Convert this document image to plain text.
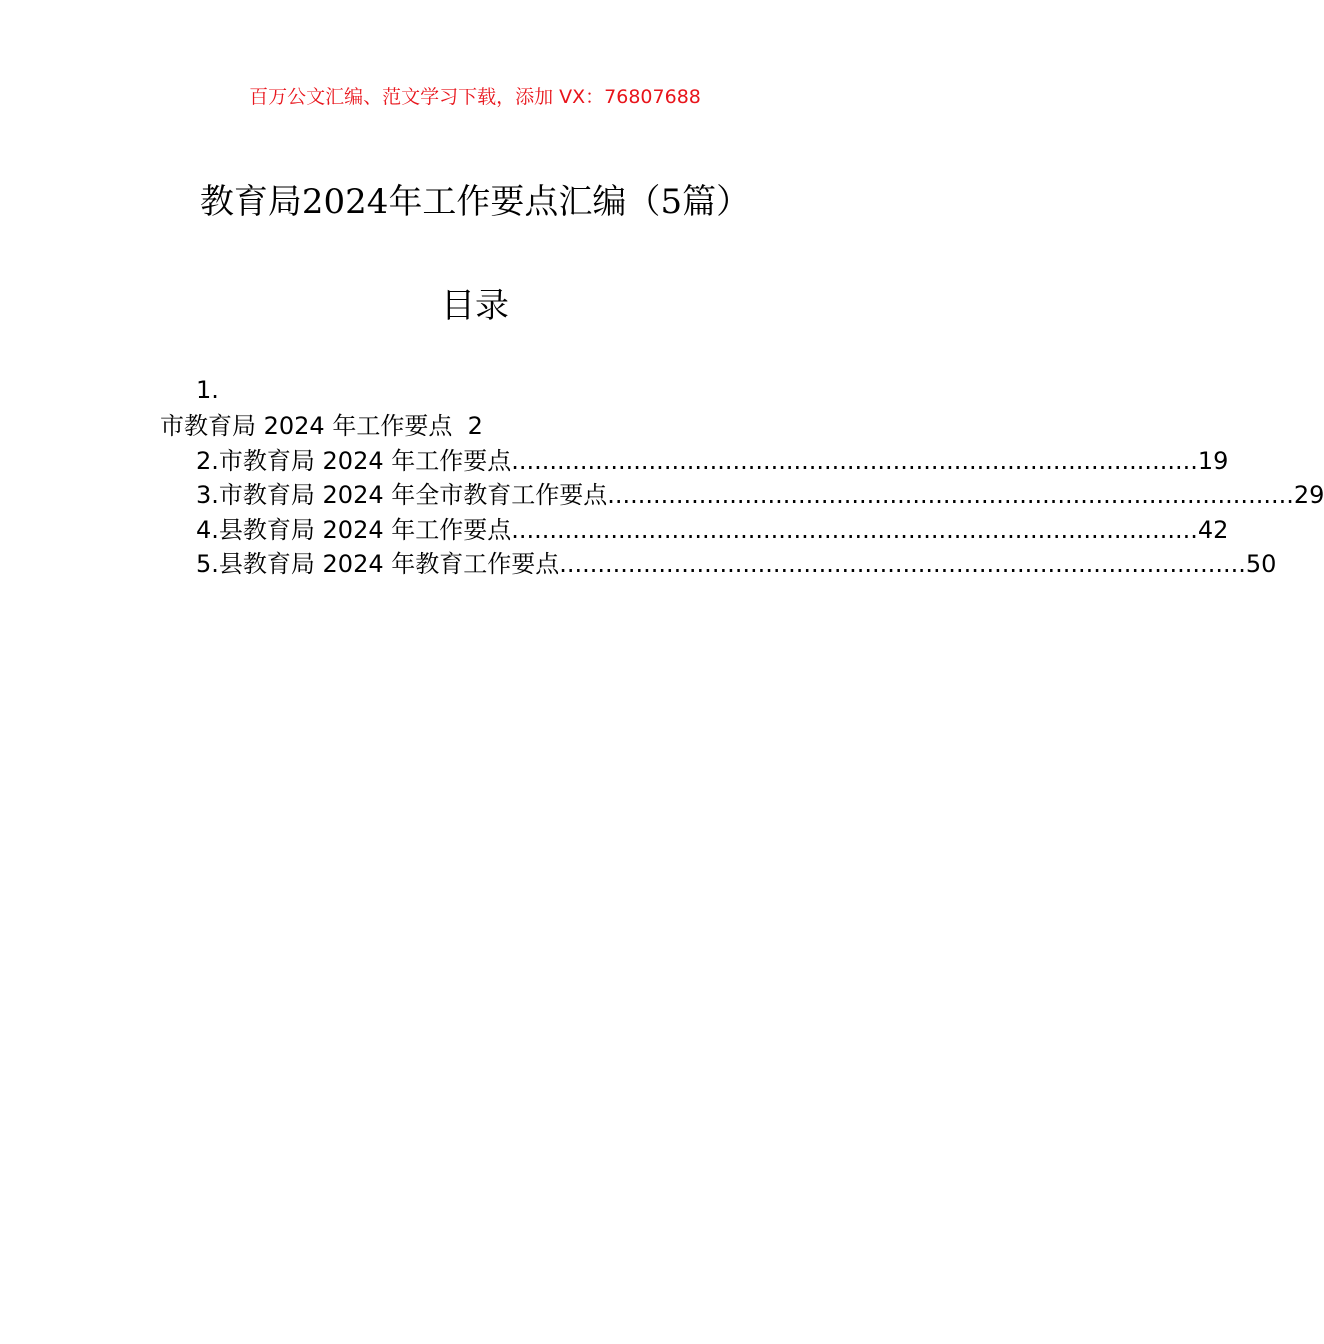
百万公文汇编、范文学习下载，添加 VX：76807688
教育局2024年工作要点汇编（5篇）
目录
1.
市教育局 2024 年工作要点 2
2.市教育局 2024 年工作要点 .......................................................................................... 19
3.市教育局 2024 年全市教育工作要点 .......................................................................................... 29
4.县教育局 2024 年工作要点 .......................................................................................... 42
5.县教育局 2024 年教育工作要点 .......................................................................................... 50
